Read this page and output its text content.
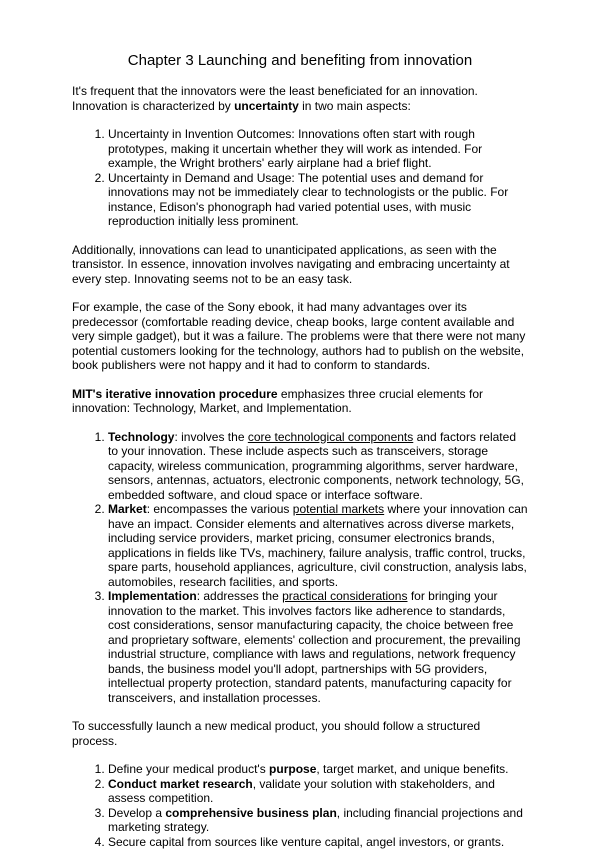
Chapter 3 Launching and benefiting from innovation

It's frequent that the innovators were the least beneficiated for an innovation.
Innovation is characterized by uncertainty in two main aspects:

1. Uncertainty in Invention Outcomes: Innovations often start with rough prototypes, making it uncertain whether they will work as intended. For example, the Wright brothers' early airplane had a brief flight.
2. Uncertainty in Demand and Usage: The potential uses and demand for innovations may not be immediately clear to technologists or the public. For instance, Edison's phonograph had varied potential uses, with music reproduction initially less prominent.

Additionally, innovations can lead to unanticipated applications, as seen with the transistor. In essence, innovation involves navigating and embracing uncertainty at every step. Innovating seems not to be an easy task.

For example, the case of the Sony ebook, it had many advantages over its predecessor (comfortable reading device, cheap books, large content available and very simple gadget), but it was a failure. The problems were that there were not many potential customers looking for the technology, authors had to publish on the website, book publishers were not happy and it had to conform to standards.

MIT's iterative innovation procedure emphasizes three crucial elements for innovation: Technology, Market, and Implementation.

1. Technology: involves the core technological components and factors related to your innovation. These include aspects such as transceivers, storage capacity, wireless communication, programming algorithms, server hardware, sensors, antennas, actuators, electronic components, network technology, 5G, embedded software, and cloud space or interface software.
2. Market: encompasses the various potential markets where your innovation can have an impact. Consider elements and alternatives across diverse markets, including service providers, market pricing, consumer electronics brands, applications in fields like TVs, machinery, failure analysis, traffic control, trucks, spare parts, household appliances, agriculture, civil construction, analysis labs, automobiles, research facilities, and sports.
3. Implementation: addresses the practical considerations for bringing your innovation to the market. This involves factors like adherence to standards, cost considerations, sensor manufacturing capacity, the choice between free and proprietary software, elements' collection and procurement, the prevailing industrial structure, compliance with laws and regulations, network frequency bands, the business model you'll adopt, partnerships with 5G providers, intellectual property protection, standard patents, manufacturing capacity for transceivers, and installation processes.

To successfully launch a new medical product, you should follow a structured process.

1. Define your medical product's purpose, target market, and unique benefits.
2. Conduct market research, validate your solution with stakeholders, and assess competition.
3. Develop a comprehensive business plan, including financial projections and marketing strategy.
4. Secure capital from sources like venture capital, angel investors, or grants.
